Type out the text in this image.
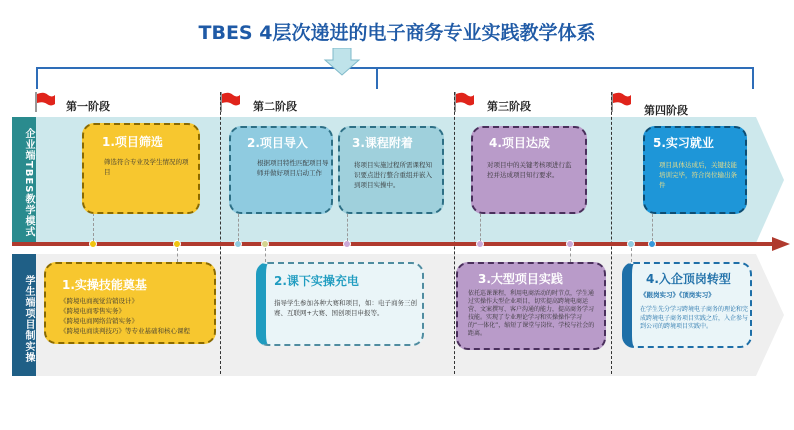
TBES 4层次递进的电子商务专业实践教学体系
第一阶段	第二阶段	第三阶段	第四阶段
企业端TBES教学模式
学生端项目制实操
1.项目筛选
筛选符合专业及学生情况的项目
2.项目导入
根据项目特性匹配项目导师并做好项目启动工作
3.课程附着
将项目实施过程所需课程知识要点进行整合重组并嵌入到项目实操中。
4.项目达成
对项目中的关键考核项进行监控并达成项目知行要求。
5.实习就业
项目具体达成后，关键技能培训完毕，符合岗位输出条件
1.实操技能奠基
《跨境电商视觉营销设计》
《跨境电商零售实务》
《跨境电商网络营销实务》
《跨境电商谈判技巧》等专业基础和核心课程
2.课下实操充电
指导学生参加各种大赛和项目，如：电子商务三创赛、互联网+大赛、国创项目申报等。
3.大型项目实践
依托巡课课程，利用电商活动的时节点，学生通过实操作大型企业项目，切实提高跨境电商运营、文案撰写、客户沟通的能力，提高商务学习技能。实现了专业理论学习和实操操作学习的“一体化”，缩短了课堂与岗位、学校与社会的距离。
4.入企顶岗转型
《跟岗实习》《顶岗实习》
在学生先分学习跨境电子商务的理论和完成跨境电子商务项目实践之后，入企参与到公司的跨境项目实践中。
